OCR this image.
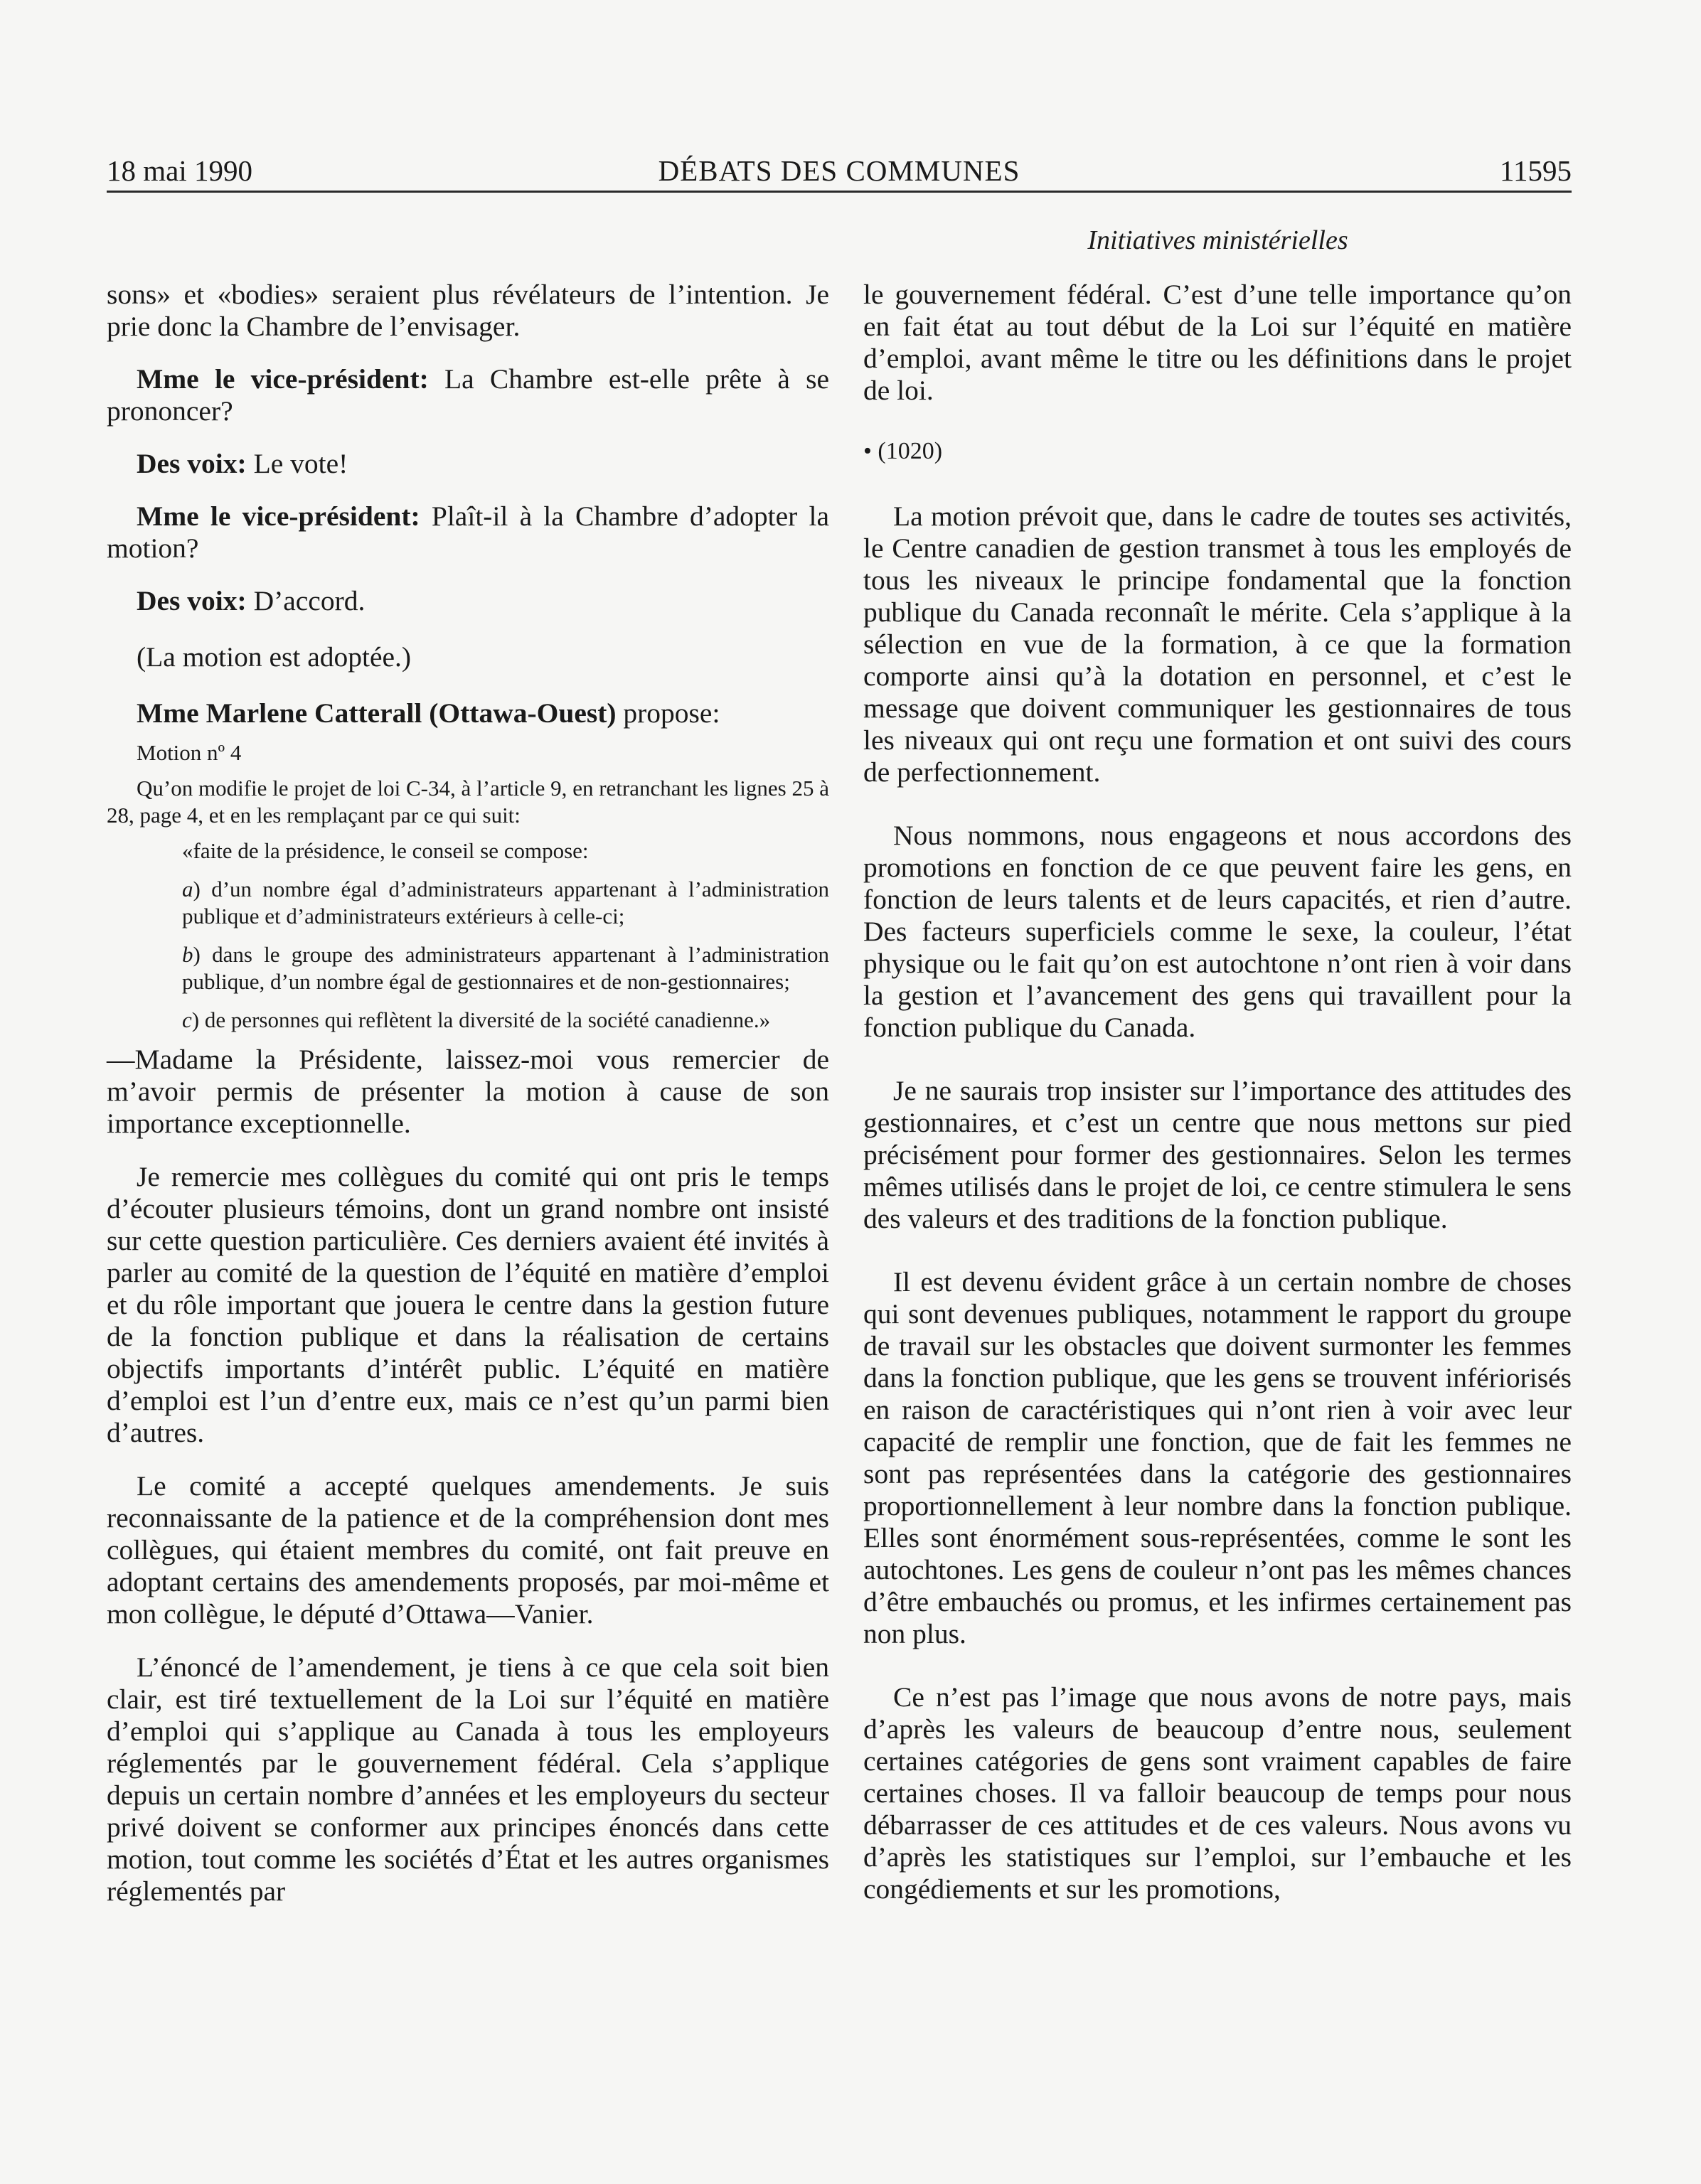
18 mai 1990	DÉBATS DES COMMUNES	11595
Initiatives ministérielles

sons» et «bodies» seraient plus révélateurs de l’intention. Je prie donc la Chambre de l’envisager.

Mme le vice-président: La Chambre est-elle prête à se prononcer?

Des voix: Le vote!

Mme le vice-président: Plaît-il à la Chambre d’adopter la motion?

Des voix: D’accord.

(La motion est adoptée.)

Mme Marlene Catterall (Ottawa-Ouest) propose:

Motion nº 4

Qu’on modifie le projet de loi C-34, à l’article 9, en retranchant les lignes 25 à 28, page 4, et en les remplaçant par ce qui suit:

«faite de la présidence, le conseil se compose:

a) d’un nombre égal d’administrateurs appartenant à l’administration publique et d’administrateurs extérieurs à celle-ci;

b) dans le groupe des administrateurs appartenant à l’administration publique, d’un nombre égal de gestionnaires et de non-gestionnaires;

c) de personnes qui reflètent la diversité de la société canadienne.»

—Madame la Présidente, laissez-moi vous remercier de m’avoir permis de présenter la motion à cause de son importance exceptionnelle.

Je remercie mes collègues du comité qui ont pris le temps d’écouter plusieurs témoins, dont un grand nombre ont insisté sur cette question particulière. Ces derniers avaient été invités à parler au comité de la question de l’équité en matière d’emploi et du rôle important que jouera le centre dans la gestion future de la fonction publique et dans la réalisation de certains objectifs importants d’intérêt public. L’équité en matière d’emploi est l’un d’entre eux, mais ce n’est qu’un parmi bien d’autres.

Le comité a accepté quelques amendements. Je suis reconnaissante de la patience et de la compréhension dont mes collègues, qui étaient membres du comité, ont fait preuve en adoptant certains des amendements proposés, par moi-même et mon collègue, le député d’Ottawa—Vanier.

L’énoncé de l’amendement, je tiens à ce que cela soit bien clair, est tiré textuellement de la Loi sur l’équité en matière d’emploi qui s’applique au Canada à tous les employeurs réglementés par le gouvernement fédéral. Cela s’applique depuis un certain nombre d’années et les employeurs du secteur privé doivent se conformer aux principes énoncés dans cette motion, tout comme les sociétés d’État et les autres organismes réglementés par

le gouvernement fédéral. C’est d’une telle importance qu’on en fait état au tout début de la Loi sur l’équité en matière d’emploi, avant même le titre ou les définitions dans le projet de loi.

• (1020)

La motion prévoit que, dans le cadre de toutes ses activités, le Centre canadien de gestion transmet à tous les employés de tous les niveaux le principe fondamental que la fonction publique du Canada reconnaît le mérite. Cela s’applique à la sélection en vue de la formation, à ce que la formation comporte ainsi qu’à la dotation en personnel, et c’est le message que doivent communiquer les gestionnaires de tous les niveaux qui ont reçu une formation et ont suivi des cours de perfectionnement.

Nous nommons, nous engageons et nous accordons des promotions en fonction de ce que peuvent faire les gens, en fonction de leurs talents et de leurs capacités, et rien d’autre. Des facteurs superficiels comme le sexe, la couleur, l’état physique ou le fait qu’on est autochtone n’ont rien à voir dans la gestion et l’avancement des gens qui travaillent pour la fonction publique du Canada.

Je ne saurais trop insister sur l’importance des attitudes des gestionnaires, et c’est un centre que nous mettons sur pied précisément pour former des gestionnaires. Selon les termes mêmes utilisés dans le projet de loi, ce centre stimulera le sens des valeurs et des traditions de la fonction publique.

Il est devenu évident grâce à un certain nombre de choses qui sont devenues publiques, notamment le rapport du groupe de travail sur les obstacles que doivent surmonter les femmes dans la fonction publique, que les gens se trouvent infériorisés en raison de caractéristiques qui n’ont rien à voir avec leur capacité de remplir une fonction, que de fait les femmes ne sont pas représentées dans la catégorie des gestionnaires proportionnellement à leur nombre dans la fonction publique. Elles sont énormément sous-représentées, comme le sont les autochtones. Les gens de couleur n’ont pas les mêmes chances d’être embauchés ou promus, et les infirmes certainement pas non plus.

Ce n’est pas l’image que nous avons de notre pays, mais d’après les valeurs de beaucoup d’entre nous, seulement certaines catégories de gens sont vraiment capables de faire certaines choses. Il va falloir beaucoup de temps pour nous débarrasser de ces attitudes et de ces valeurs. Nous avons vu d’après les statistiques sur l’emploi, sur l’embauche et les congédiements et sur les promotions,
